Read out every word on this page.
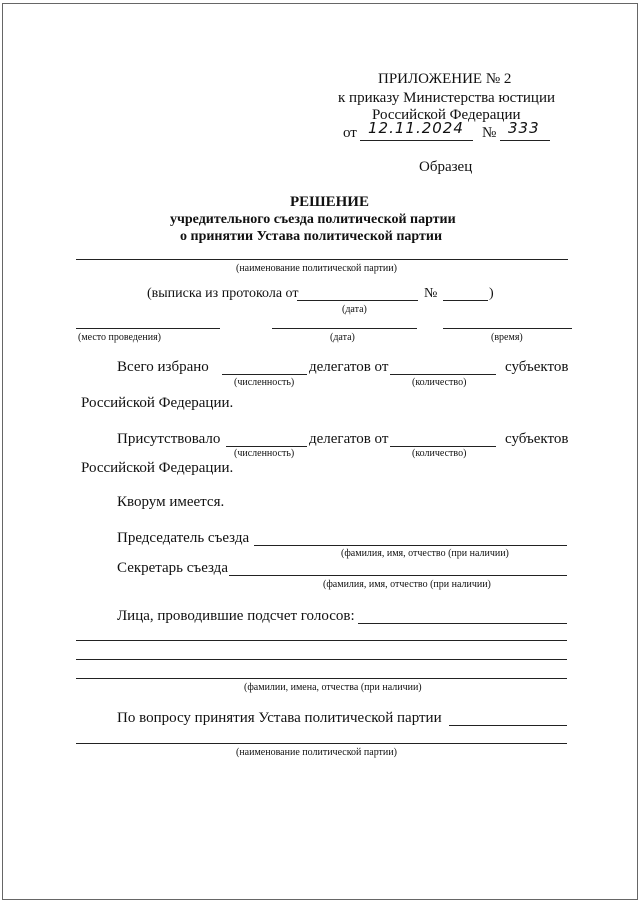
ПРИЛОЖЕНИЕ № 2
к приказу Министерства юстиции
Российской Федерации
от 12.11.2024 № 333
Образец
РЕШЕНИЕ
учредительного съезда политической партии
о принятии Устава политической партии
(наименование политической партии)
(выписка из протокола от	№	)
(дата)
(место проведения)	(дата)	(время)
Всего избрано	делегатов от	субъектов
(численность)	(количество)
Российской Федерации.
Присутствовало	делегатов от	субъектов
(численность)	(количество)
Российской Федерации.
Кворум имеется.
Председатель съезда
(фамилия, имя, отчество (при наличии)
Секретарь съезда
(фамилия, имя, отчество (при наличии)
Лица, проводившие подсчет голосов:
(фамилии, имена, отчества (при наличии)
По вопросу принятия Устава политической партии
(наименование политической партии)
